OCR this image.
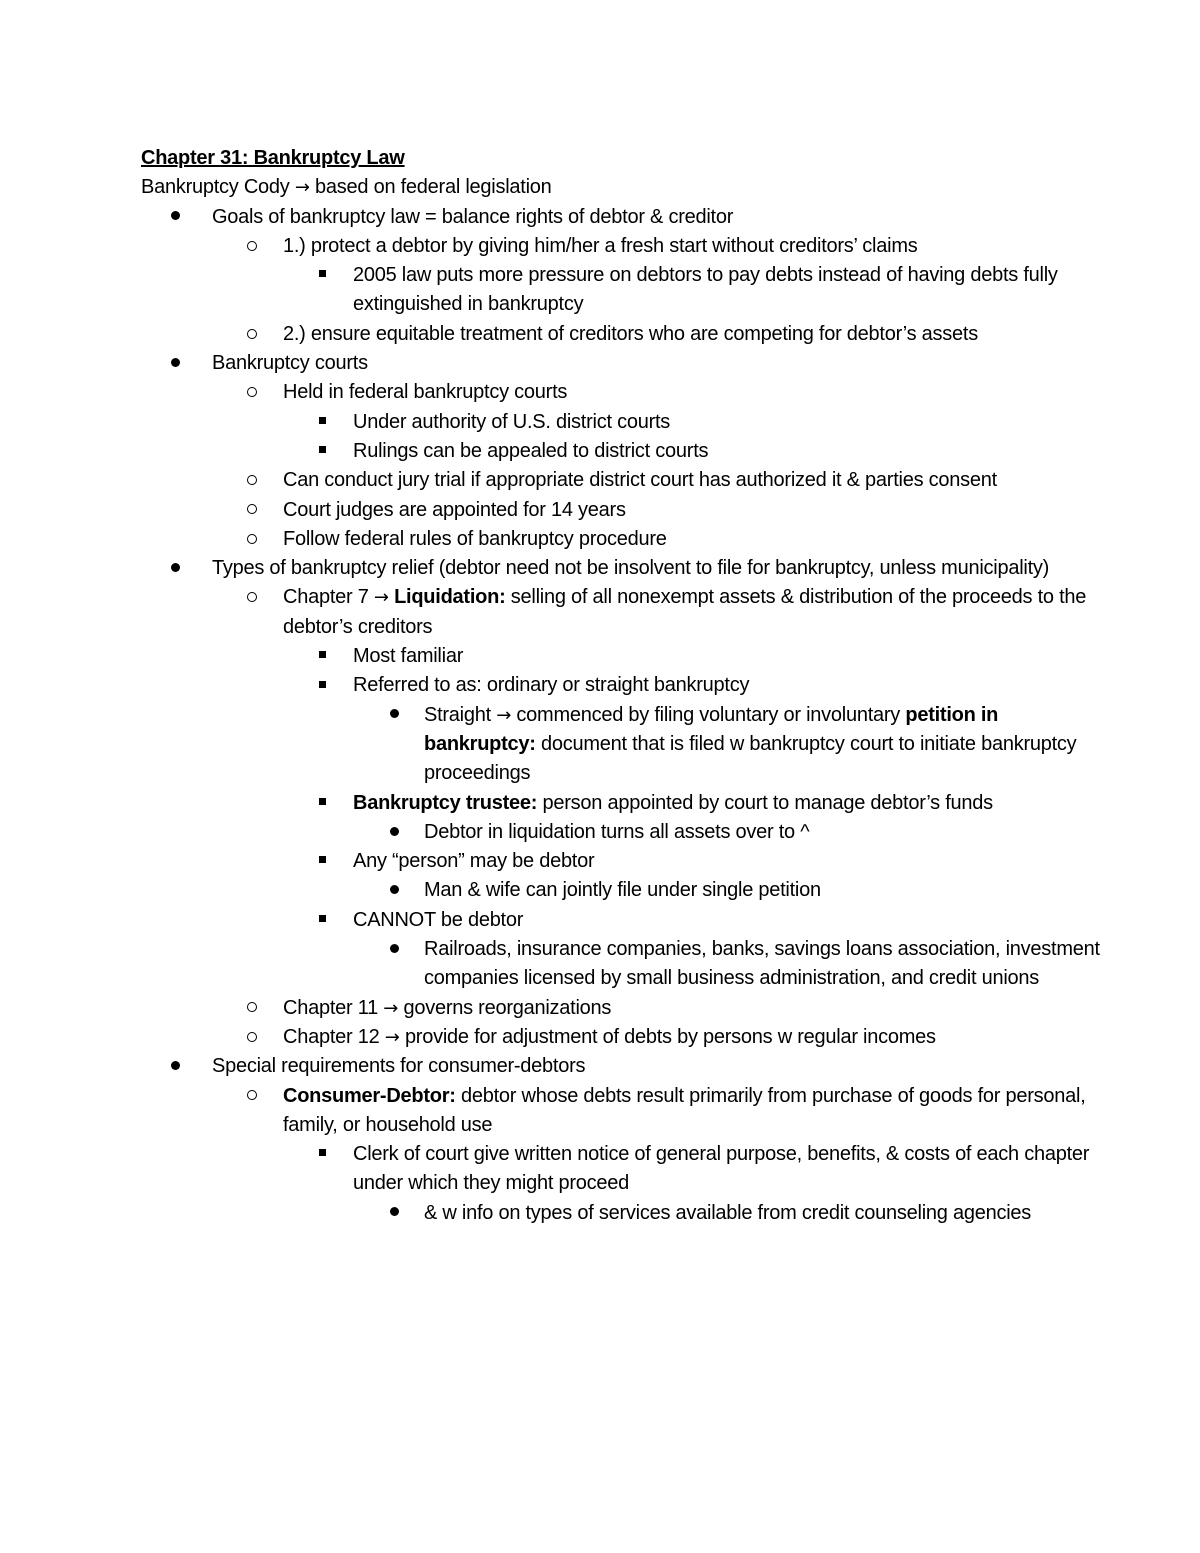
Chapter 31: Bankruptcy Law
Bankruptcy Cody → based on federal legislation
Goals of bankruptcy law = balance rights of debtor & creditor
1.) protect a debtor by giving him/her a fresh start without creditors’ claims
2005 law puts more pressure on debtors to pay debts instead of having debts fully extinguished in bankruptcy
2.) ensure equitable treatment of creditors who are competing for debtor’s assets
Bankruptcy courts
Held in federal bankruptcy courts
Under authority of U.S. district courts
Rulings can be appealed to district courts
Can conduct jury trial if appropriate district court has authorized it & parties consent
Court judges are appointed for 14 years
Follow federal rules of bankruptcy procedure
Types of bankruptcy relief (debtor need not be insolvent to file for bankruptcy, unless municipality)
Chapter 7 → Liquidation: selling of all nonexempt assets & distribution of the proceeds to the debtor’s creditors
Most familiar
Referred to as: ordinary or straight bankruptcy
Straight → commenced by filing voluntary or involuntary petition in bankruptcy: document that is filed w bankruptcy court to initiate bankruptcy proceedings
Bankruptcy trustee: person appointed by court to manage debtor’s funds
Debtor in liquidation turns all assets over to ^
Any “person” may be debtor
Man & wife can jointly file under single petition
CANNOT be debtor
Railroads, insurance companies, banks, savings loans association, investment companies licensed by small business administration, and credit unions
Chapter 11 → governs reorganizations
Chapter 12 → provide for adjustment of debts by persons w regular incomes
Special requirements for consumer-debtors
Consumer-Debtor: debtor whose debts result primarily from purchase of goods for personal, family, or household use
Clerk of court give written notice of general purpose, benefits, & costs of each chapter under which they might proceed
& w info on types of services available from credit counseling agencies
